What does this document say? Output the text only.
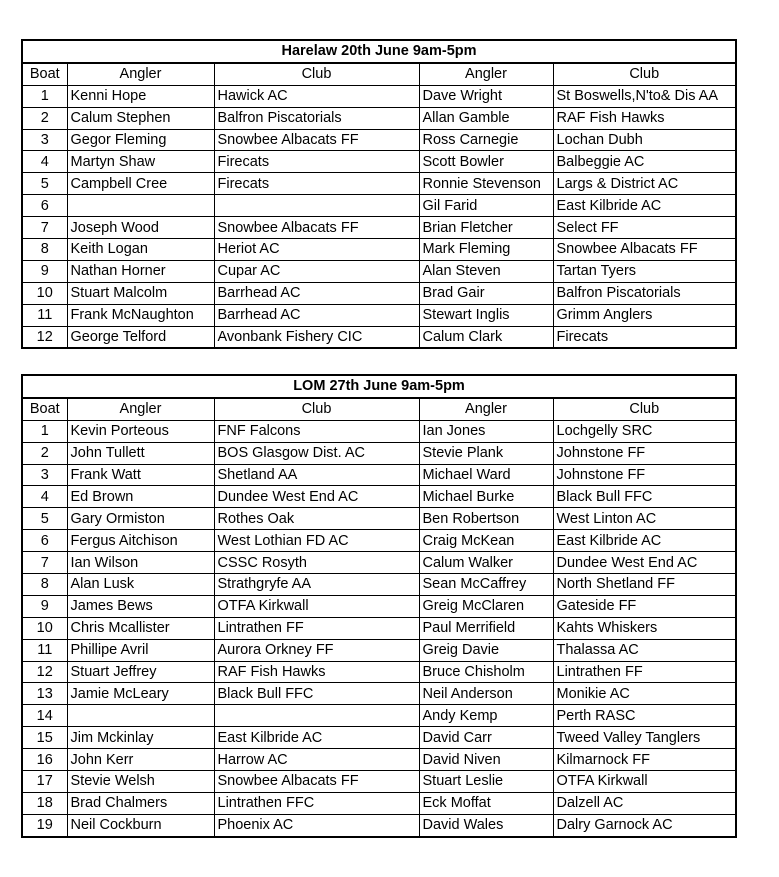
Harelaw 20th June 9am-5pm				
Boat	Angler	Club	Angler	Club
1	Kenni Hope	Hawick AC	Dave Wright	St Boswells,N'to& Dis AA
2	Calum Stephen	Balfron Piscatorials	Allan Gamble	RAF Fish Hawks
3	Gegor Fleming	Snowbee Albacats FF	Ross Carnegie	Lochan Dubh
4	Martyn Shaw	Firecats	Scott Bowler	Balbeggie AC
5	Campbell Cree	Firecats	Ronnie Stevenson	Largs & District AC
6			Gil Farid	East Kilbride AC
7	Joseph Wood	Snowbee Albacats FF	Brian Fletcher	Select FF
8	Keith Logan	Heriot AC	Mark Fleming	Snowbee Albacats FF
9	Nathan Horner	Cupar AC	Alan Steven	Tartan Tyers
10	Stuart Malcolm	Barrhead AC	Brad Gair	Balfron Piscatorials
11	Frank McNaughton	Barrhead AC	Stewart Inglis	Grimm Anglers
12	George Telford	Avonbank Fishery CIC	Calum Clark	Firecats
LOM 27th June 9am-5pm				
Boat	Angler	Club	Angler	Club
1	Kevin Porteous	FNF Falcons	Ian Jones	Lochgelly SRC
2	John Tullett	BOS Glasgow Dist. AC	Stevie Plank	Johnstone FF
3	Frank Watt	Shetland AA	Michael Ward	Johnstone FF
4	Ed Brown	Dundee West End AC	Michael Burke	Black Bull FFC
5	Gary Ormiston	Rothes Oak	Ben Robertson	West Linton AC
6	Fergus Aitchison	West Lothian FD AC	Craig McKean	East Kilbride AC
7	Ian Wilson	CSSC Rosyth	Calum Walker	Dundee West End AC
8	Alan Lusk	Strathgryfe AA	Sean McCaffrey	North Shetland FF
9	James Bews	OTFA Kirkwall	Greig McClaren	Gateside FF
10	Chris Mcallister	Lintrathen FF	Paul Merrifield	Kahts Whiskers
11	Phillipe Avril	Aurora Orkney FF	Greig Davie	Thalassa AC
12	Stuart Jeffrey	RAF Fish Hawks	Bruce Chisholm	Lintrathen FF
13	Jamie McLeary	Black Bull FFC	Neil Anderson	Monikie AC
14			Andy Kemp	Perth RASC
15	Jim Mckinlay	East Kilbride AC	David Carr	Tweed Valley Tanglers
16	John Kerr	Harrow AC	David Niven	Kilmarnock FF
17	Stevie Welsh	Snowbee Albacats FF	Stuart Leslie	OTFA Kirkwall
18	Brad Chalmers	Lintrathen FFC	Eck Moffat	Dalzell AC
19	Neil Cockburn	Phoenix AC	David Wales	Dalry Garnock AC
